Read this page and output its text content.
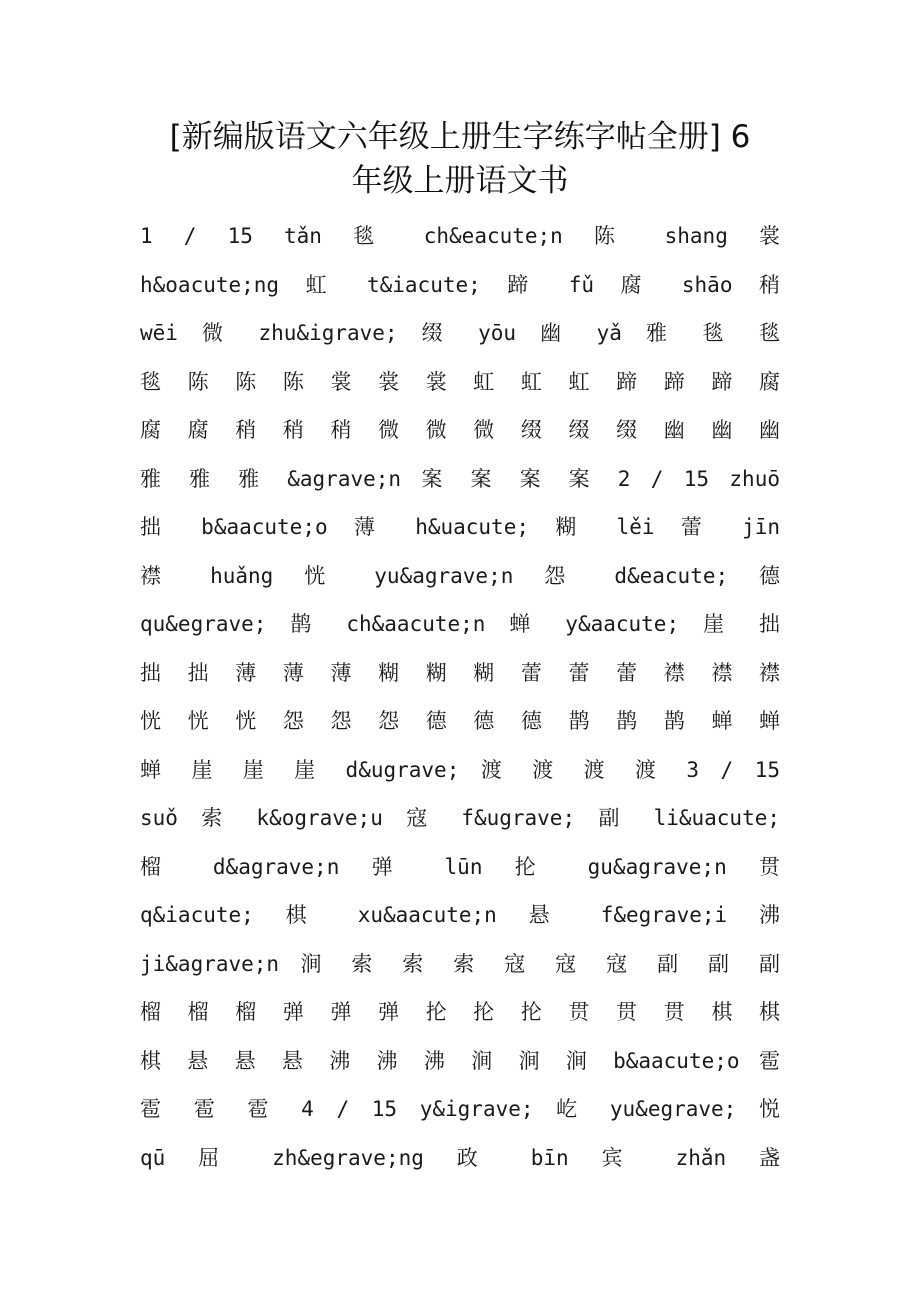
[新编版语文六年级上册生字练字帖全册] 6
年级上册语文书
1 / 15 tǎn 毯 ch&eacute;n 陈 shang 裳
h&oacute;ng 虹 t&iacute; 蹄 fǔ 腐 shāo 稍
wēi 微 zhu&igrave; 缀 yōu 幽 yǎ 雅 毯 毯
毯 陈 陈 陈 裳 裳 裳 虹 虹 虹 蹄 蹄 蹄 腐
腐 腐 稍 稍 稍 微 微 微 缀 缀 缀 幽 幽 幽
雅 雅 雅 &agrave;n 案 案 案 案 2 / 15 zhuō
拙 b&aacute;o 薄 h&uacute; 糊 lěi 蕾 jīn
襟 huǎng 恍 yu&agrave;n 怨 d&eacute; 德
qu&egrave; 鹊 ch&aacute;n 蝉 y&aacute; 崖 拙
拙 拙 薄 薄 薄 糊 糊 糊 蕾 蕾 蕾 襟 襟 襟
恍 恍 恍 怨 怨 怨 德 德 德 鹊 鹊 鹊 蝉 蝉
蝉 崖 崖 崖 d&ugrave; 渡 渡 渡 渡 3 / 15
suǒ 索 k&ograve;u 寇 f&ugrave; 副 li&uacute;
榴 d&agrave;n 弹 lūn 抡 gu&agrave;n 贯
q&iacute; 棋 xu&aacute;n 悬 f&egrave;i 沸
ji&agrave;n 涧 索 索 索 寇 寇 寇 副 副 副
榴 榴 榴 弹 弹 弹 抡 抡 抡 贯 贯 贯 棋 棋
棋 悬 悬 悬 沸 沸 沸 涧 涧 涧 b&aacute;o 雹
雹 雹 雹 4 / 15 y&igrave; 屹 yu&egrave; 悦
qū 屈 zh&egrave;ng 政 bīn 宾 zhǎn 盏
